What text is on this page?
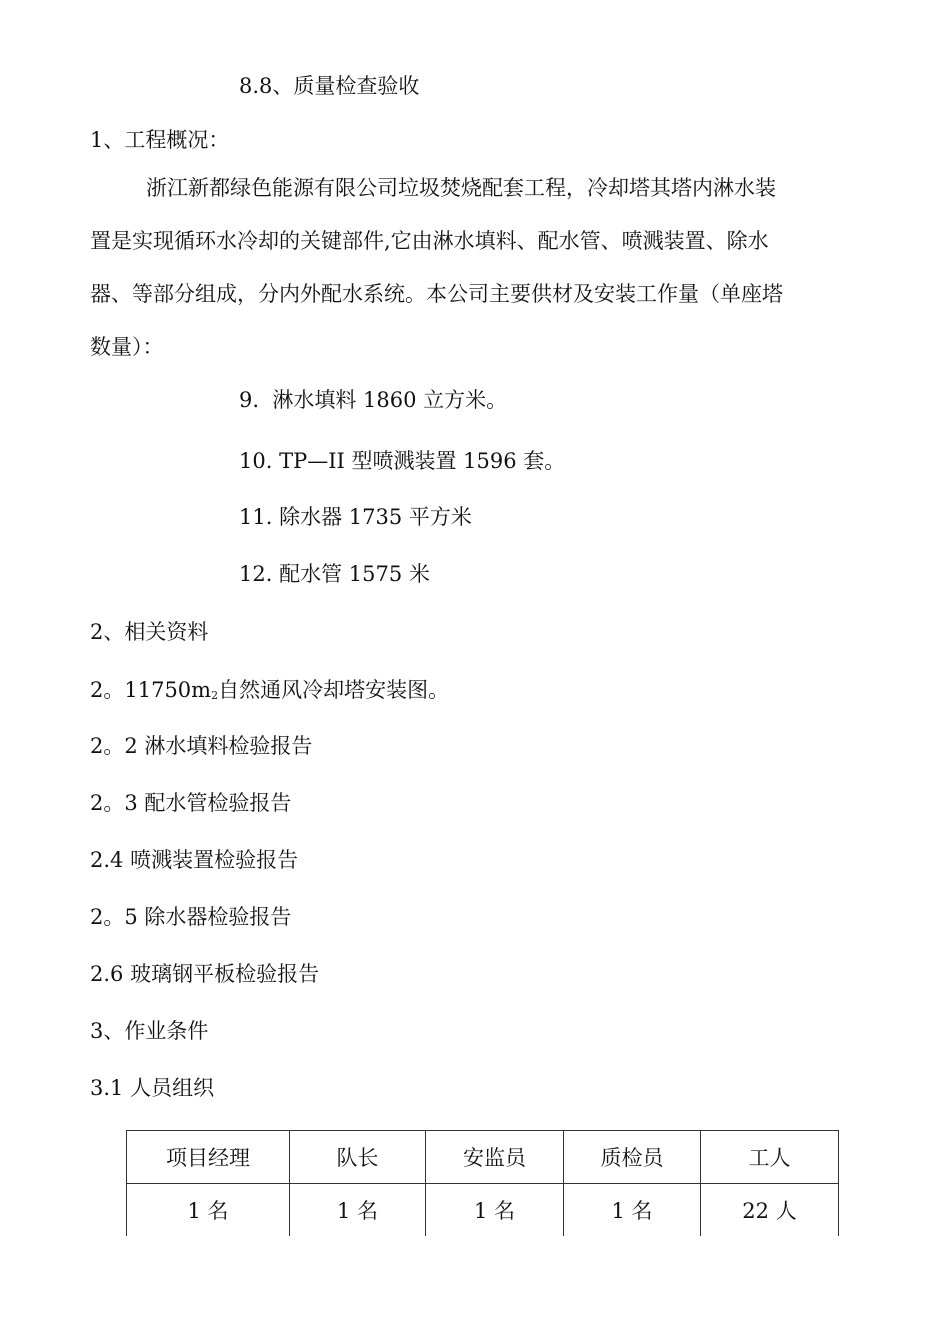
8.8、质量检查验收
1、工程概况：
浙江新都绿色能源有限公司垃圾焚烧配套工程，冷却塔其塔内淋水装
置是实现循环水冷却的关键部件,它由淋水填料、配水管、喷溅装置、除水
器、等部分组成，分内外配水系统。本公司主要供材及安装工作量（单座塔
数量）：
9.  淋水填料 1860 立方米。
10. TP—II 型喷溅装置 1596 套。
11. 除水器 1735 平方米
12. 配水管 1575 米
2、相关资料
2。$11750m_2$自然通风冷却塔安装图。
2。2 淋水填料检验报告
2。3 配水管检验报告
2.4 喷溅装置检验报告
2。5 除水器检验报告
2.6 玻璃钢平板检验报告
3、作业条件
3.1 人员组织
项目经理	队长	安监员	质检员	工人
1 名	1 名	1 名	1 名	22 人
